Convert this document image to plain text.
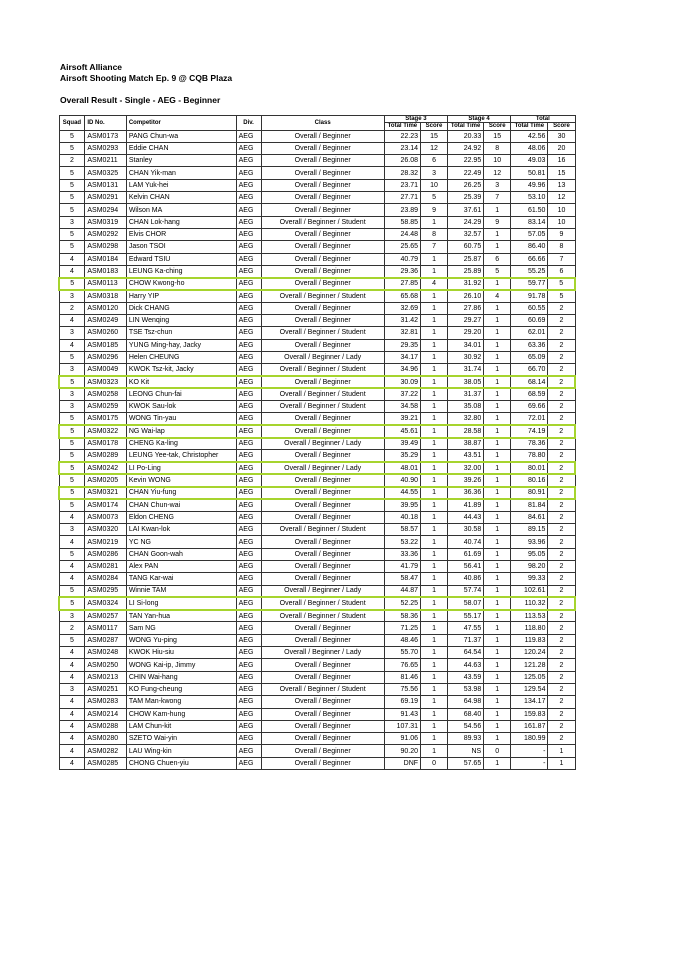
Airsoft Alliance
Airsoft Shooting Match Ep. 9 @ CQB Plaza
Overall Result - Single - AEG - Beginner
Squad	ID No.	Competitor	Div.	Class	Stage 3		Stage 4		Total	
					Total Time	Score	Total Time	Score	Total Time	Score
5	ASM0173	PANG Chun-wa	AEG	Overall / Beginner	22.23	15	20.33	15	42.56	30
5	ASM0293	Eddie CHAN	AEG	Overall / Beginner	23.14	12	24.92	8	48.06	20
2	ASM0211	Stanley	AEG	Overall / Beginner	26.08	6	22.95	10	49.03	16
5	ASM0325	CHAN Yik-man	AEG	Overall / Beginner	28.32	3	22.49	12	50.81	15
5	ASM0131	LAM Yuk-hei	AEG	Overall / Beginner	23.71	10	26.25	3	49.96	13
5	ASM0291	Kelvin CHAN	AEG	Overall / Beginner	27.71	5	25.39	7	53.10	12
5	ASM0294	Wilson MA	AEG	Overall / Beginner	23.89	9	37.61	1	61.50	10
3	ASM0319	CHAN Lok-hang	AEG	Overall / Beginner / Student	58.85	1	24.29	9	83.14	10
5	ASM0292	Elvis CHOR	AEG	Overall / Beginner	24.48	8	32.57	1	57.05	9
5	ASM0298	Jason TSOI	AEG	Overall / Beginner	25.65	7	60.75	1	86.40	8
4	ASM0184	Edward TSIU	AEG	Overall / Beginner	40.79	1	25.87	6	66.66	7
4	ASM0183	LEUNG Ka-ching	AEG	Overall / Beginner	29.36	1	25.89	5	55.25	6
5	ASM0113	CHOW Kwong-ho	AEG	Overall / Beginner	27.85	4	31.92	1	59.77	5
3	ASM0318	Harry YIP	AEG	Overall / Beginner / Student	65.68	1	26.10	4	91.78	5
2	ASM0120	Dick CHANG	AEG	Overall / Beginner	32.69	1	27.86	1	60.55	2
4	ASM0249	LIN Wenqing	AEG	Overall / Beginner	31.42	1	29.27	1	60.69	2
3	ASM0260	TSE Tsz-chun	AEG	Overall / Beginner / Student	32.81	1	29.20	1	62.01	2
4	ASM0185	YUNG Ming-hay, Jacky	AEG	Overall / Beginner	29.35	1	34.01	1	63.36	2
5	ASM0296	Helen CHEUNG	AEG	Overall / Beginner / Lady	34.17	1	30.92	1	65.09	2
3	ASM0049	KWOK Tsz-kit, Jacky	AEG	Overall / Beginner / Student	34.96	1	31.74	1	66.70	2
5	ASM0323	KO Kit	AEG	Overall / Beginner	30.09	1	38.05	1	68.14	2
3	ASM0258	LEONG Chun-fai	AEG	Overall / Beginner / Student	37.22	1	31.37	1	68.59	2
3	ASM0259	KWOK Sau-lok	AEG	Overall / Beginner / Student	34.58	1	35.08	1	69.66	2
5	ASM0175	WONG Tin-yau	AEG	Overall / Beginner	39.21	1	32.80	1	72.01	2
5	ASM0322	NG Wai-lap	AEG	Overall / Beginner	45.61	1	28.58	1	74.19	2
5	ASM0178	CHENG Ka-ling	AEG	Overall / Beginner / Lady	39.49	1	38.87	1	78.36	2
5	ASM0289	LEUNG Yee-tak, Christopher	AEG	Overall / Beginner	35.29	1	43.51	1	78.80	2
5	ASM0242	LI Po-Ling	AEG	Overall / Beginner / Lady	48.01	1	32.00	1	80.01	2
5	ASM0205	Kevin WONG	AEG	Overall / Beginner	40.90	1	39.26	1	80.16	2
5	ASM0321	CHAN Yiu-fung	AEG	Overall / Beginner	44.55	1	36.36	1	80.91	2
5	ASM0174	CHAN Chun-wai	AEG	Overall / Beginner	39.95	1	41.89	1	81.84	2
4	ASM0073	Eldon CHENG	AEG	Overall / Beginner	40.18	1	44.43	1	84.61	2
3	ASM0320	LAI Kwan-lok	AEG	Overall / Beginner / Student	58.57	1	30.58	1	89.15	2
4	ASM0219	YC NG	AEG	Overall / Beginner	53.22	1	40.74	1	93.96	2
5	ASM0286	CHAN Goon-wah	AEG	Overall / Beginner	33.36	1	61.69	1	95.05	2
4	ASM0281	Alex PAN	AEG	Overall / Beginner	41.79	1	56.41	1	98.20	2
4	ASM0284	TANG Kar-wai	AEG	Overall / Beginner	58.47	1	40.86	1	99.33	2
5	ASM0295	Winnie TAM	AEG	Overall / Beginner / Lady	44.87	1	57.74	1	102.61	2
5	ASM0324	LI Si-long	AEG	Overall / Beginner / Student	52.25	1	58.07	1	110.32	2
3	ASM0257	TAN Yan-hua	AEG	Overall / Beginner / Student	58.36	1	55.17	1	113.53	2
2	ASM0117	Sam NG	AEG	Overall / Beginner	71.25	1	47.55	1	118.80	2
5	ASM0287	WONG Yu-ping	AEG	Overall / Beginner	48.46	1	71.37	1	119.83	2
4	ASM0248	KWOK Hiu-siu	AEG	Overall / Beginner / Lady	55.70	1	64.54	1	120.24	2
4	ASM0250	WONG Kai-ip, Jimmy	AEG	Overall / Beginner	76.65	1	44.63	1	121.28	2
4	ASM0213	CHIN Wai-hang	AEG	Overall / Beginner	81.46	1	43.59	1	125.05	2
3	ASM0251	KO Fung-cheung	AEG	Overall / Beginner / Student	75.56	1	53.98	1	129.54	2
4	ASM0283	TAM Man-kwong	AEG	Overall / Beginner	69.19	1	64.98	1	134.17	2
4	ASM0214	CHOW Kam-hung	AEG	Overall / Beginner	91.43	1	68.40	1	159.83	2
4	ASM0288	LAM Chun-kit	AEG	Overall / Beginner	107.31	1	54.56	1	161.87	2
4	ASM0280	SZETO Wai-yin	AEG	Overall / Beginner	91.06	1	89.93	1	180.99	2
4	ASM0282	LAU Wing-kin	AEG	Overall / Beginner	90.20	1	NS	0	-	1
4	ASM0285	CHONG Chuen-yiu	AEG	Overall / Beginner	DNF	0	57.65	1	-	1
